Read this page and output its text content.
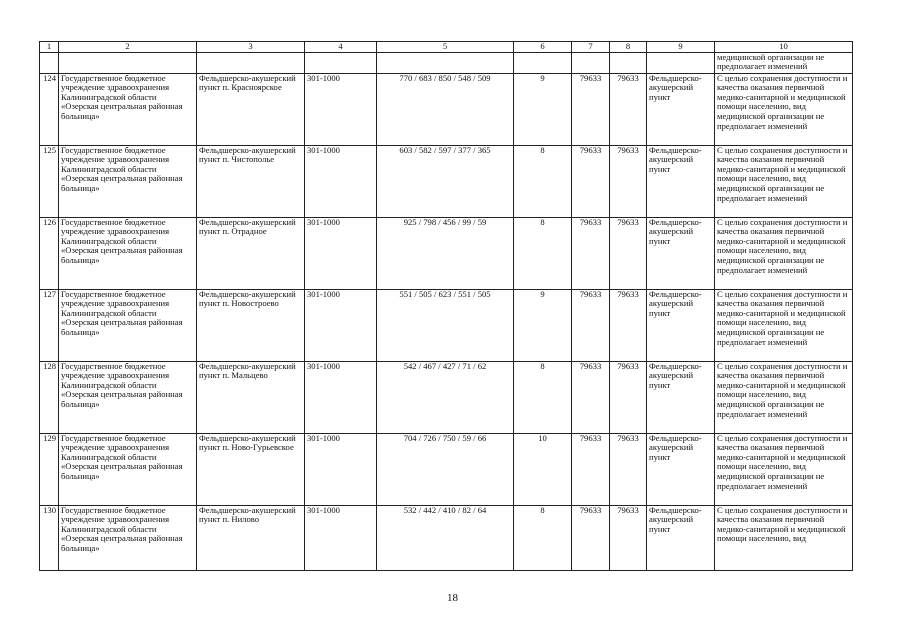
1	2	3	4	5	6	7	8	9	10
									медицинской организации не предполагает изменений
124	Государственное бюджетное учреждение здравоохранения Калининградской области «Озерская центральная районная больница»	Фельдшерско-акушерский пункт п. Красноярское	301-1000	770 / 683 / 850 / 548 / 509	9	79633	79633	Фельдшерско-акушерский пункт	С целью сохранения доступности и качества оказания первичной медико-санитарной и медицинской помощи населению, вид медицинской организации не предполагает изменений
125	Государственное бюджетное учреждение здравоохранения Калининградской области «Озерская центральная районная больница»	Фельдшерско-акушерский пункт п. Чистополье	301-1000	603 / 582 / 597 / 377 / 365	8	79633	79633	Фельдшерско-акушерский пункт	С целью сохранения доступности и качества оказания первичной медико-санитарной и медицинской помощи населению, вид медицинской организации не предполагает изменений
126	Государственное бюджетное учреждение здравоохранения Калининградской области «Озерская центральная районная больница»	Фельдшерско-акушерский пункт п. Отрадное	301-1000	925 / 798 / 456 / 99 / 59	8	79633	79633	Фельдшерско-акушерский пункт	С целью сохранения доступности и качества оказания первичной медико-санитарной и медицинской помощи населению, вид медицинской организации не предполагает изменений
127	Государственное бюджетное учреждение здравоохранения Калининградской области «Озерская центральная районная больница»	Фельдшерско-акушерский пункт п. Новостроево	301-1000	551 / 505 / 623 / 551 / 505	9	79633	79633	Фельдшерско-акушерский пункт	С целью сохранения доступности и качества оказания первичной медико-санитарной и медицинской помощи населению, вид медицинской организации не предполагает изменений
128	Государственное бюджетное учреждение здравоохранения Калининградской области «Озерская центральная районная больница»	Фельдшерско-акушерский пункт п. Мальцево	301-1000	542 / 467 / 427 / 71 / 62	8	79633	79633	Фельдшерско-акушерский пункт	С целью сохранения доступности и качества оказания первичной медико-санитарной и медицинской помощи населению, вид медицинской организации не предполагает изменений
129	Государственное бюджетное учреждение здравоохранения Калининградской области «Озерская центральная районная больница»	Фельдшерско-акушерский пункт п. Ново-Гурьевское	301-1000	704 / 726 / 750 / 59 / 66	10	79633	79633	Фельдшерско-акушерский пункт	С целью сохранения доступности и качества оказания первичной медико-санитарной и медицинской помощи населению, вид медицинской организации не предполагает изменений
130	Государственное бюджетное учреждение здравоохранения Калининградской области «Озерская центральная районная больница»	Фельдшерско-акушерский пункт п. Нилово	301-1000	532 / 442 / 410 / 82 / 64	8	79633	79633	Фельдшерско-акушерский пункт	С целью сохранения доступности и качества оказания первичной медико-санитарной и медицинской помощи населению, вид
18
